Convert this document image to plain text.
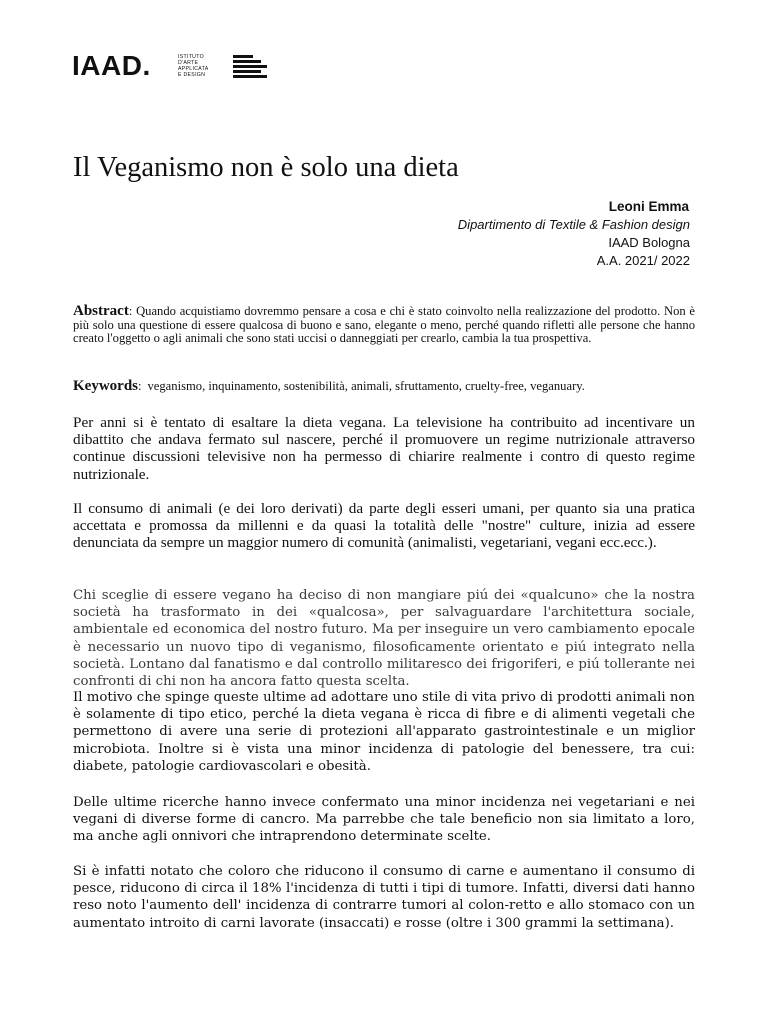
IAAD.	ISTITUTO
D'ARTE
APPLICATA
E DESIGN
Il Veganismo non è solo una dieta
Leoni Emma
Dipartimento di Textile & Fashion design
IAAD Bologna
A.A. 2021/ 2022
Abstract: Quando acquistiamo dovremmo pensare a cosa e chi è stato coinvolto nella realizzazione del prodotto. Non è più solo una questione di essere qualcosa di buono e sano, elegante o meno, perché quando rifletti alle persone che hanno creato l'oggetto o agli animali che sono stati uccisi o danneggiati per crearlo, cambia la tua prospettiva.
Keywords: veganismo, inquinamento, sostenibilità, animali, sfruttamento, cruelty-free, veganuary.

Per anni si è tentato di esaltare la dieta vegana. La televisione ha contribuito ad incentivare un dibattito che andava fermato sul nascere, perché il promuovere un regime nutrizionale attraverso continue discussioni televisive non ha permesso di chiarire realmente i contro di questo regime nutrizionale.

Il consumo di animali (e dei loro derivati) da parte degli esseri umani, per quanto sia una pratica accettata e promossa da millenni e da quasi la totalità delle "nostre" culture, inizia ad essere denunciata da sempre un maggior numero di comunità (animalisti, vegetariani, vegani ecc.ecc.).

Chi sceglie di essere vegano ha deciso di non mangiare piú dei «qualcuno» che la nostra società ha trasformato in dei «qualcosa», per salvaguardare l'architettura sociale, ambientale ed economica del nostro futuro. Ma per inseguire un vero cambiamento epocale è necessario un nuovo tipo di veganismo, filosoficamente orientato e piú integrato nella società. Lontano dal fanatismo e dal controllo militaresco dei frigoriferi, e piú tollerante nei confronti di chi non ha ancora fatto questa scelta.

Il motivo che spinge queste ultime ad adottare uno stile di vita privo di prodotti animali non è solamente di tipo etico, perché la dieta vegana è ricca di fibre e di alimenti vegetali che permettono di avere una serie di protezioni all'apparato gastrointestinale e un miglior microbiota. Inoltre si è vista una minor incidenza di patologie del benessere, tra cui: diabete, patologie cardiovascolari e obesità.

Delle ultime ricerche hanno invece confermato una minor incidenza nei vegetariani e nei vegani di diverse forme di cancro. Ma parrebbe che tale beneficio non sia limitato a loro, ma anche agli onnivori che intraprendono determinate scelte.

Si è infatti notato che coloro che riducono il consumo di carne e aumentano il consumo di pesce, riducono di circa il 18% l'incidenza di tutti i tipi di tumore. Infatti, diversi dati hanno reso noto l'aumento dell' incidenza di contrarre tumori al colon-retto e allo stomaco con un aumentato introito di carni lavorate (insaccati) e rosse (oltre i 300 grammi la settimana).
